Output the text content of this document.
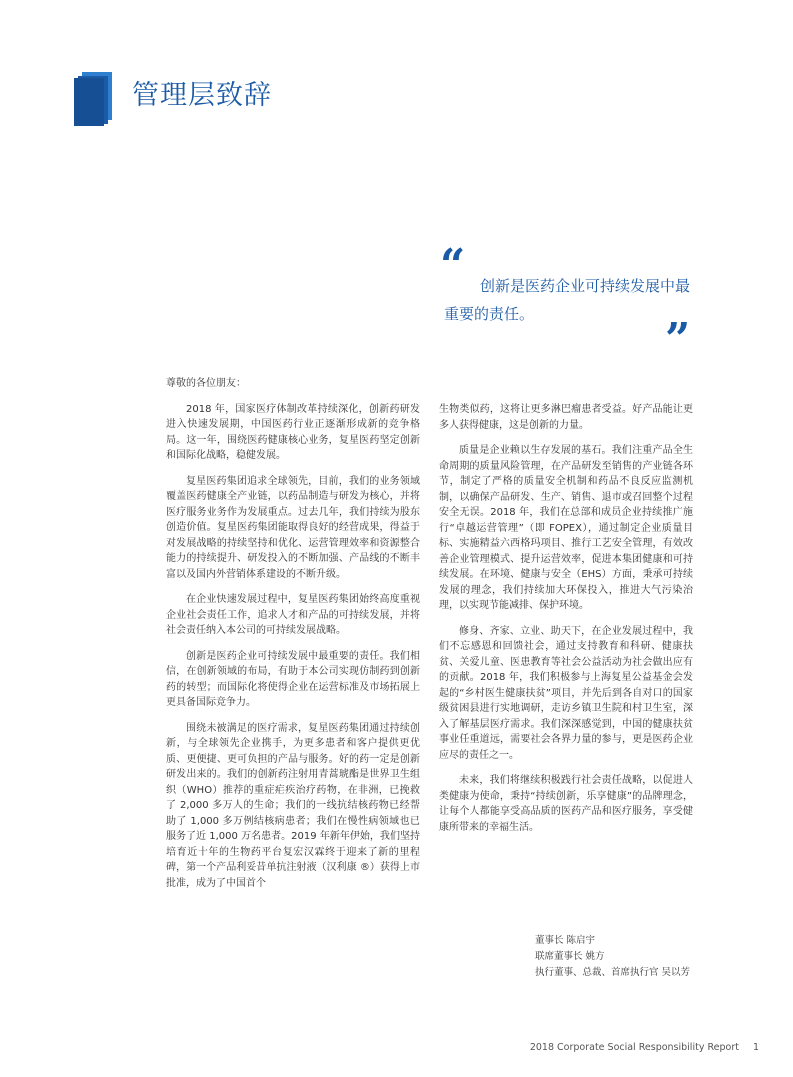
管理层致辞
“ 创新是医药企业可持续发展中最重要的责任。	”

尊敬的各位朋友：

2018 年，国家医疗体制改革持续深化，创新药研发进入快速发展期，中国医药行业正逐渐形成新的竞争格局。这一年，围绕医药健康核心业务，复星医药坚定创新和国际化战略，稳健发展。

复星医药集团追求全球领先，目前，我们的业务领域覆盖医药健康全产业链，以药品制造与研发为核心，并将医疗服务业务作为发展重点。过去几年，我们持续为股东创造价值。复星医药集团能取得良好的经营成果，得益于对发展战略的持续坚持和优化、运营管理效率和资源整合能力的持续提升、研发投入的不断加强、产品线的不断丰富以及国内外营销体系建设的不断升级。

在企业快速发展过程中，复星医药集团始终高度重视企业社会责任工作，追求人才和产品的可持续发展，并将社会责任纳入本公司的可持续发展战略。

创新是医药企业可持续发展中最重要的责任。我们相信，在创新领域的布局，有助于本公司实现仿制药到创新药的转型；而国际化将使得企业在运营标准及市场拓展上更具备国际竞争力。

围绕未被满足的医疗需求，复星医药集团通过持续创新，与全球领先企业携手，为更多患者和客户提供更优质、更便捷、更可负担的产品与服务。好的药一定是创新研发出来的。我们的创新药注射用青蒿琥酯是世界卫生组织（WHO）推荐的重症疟疾治疗药物，在非洲，已挽救了 2,000 多万人的生命；我们的一线抗结核药物已经帮助了 1,000 多万例结核病患者；我们在慢性病领域也已服务了近 1,000 万名患者。2019 年新年伊始，我们坚持培育近十年的生物药平台复宏汉霖终于迎来了新的里程碑，第一个产品利妥昔单抗注射液（汉利康 ®）获得上市批准，成为了中国首个

生物类似药，这将让更多淋巴瘤患者受益。好产品能让更多人获得健康，这是创新的力量。

质量是企业赖以生存发展的基石。我们注重产品全生命周期的质量风险管理，在产品研发至销售的产业链各环节，制定了严格的质量安全机制和药品不良反应监测机制，以确保产品研发、生产、销售、退市或召回整个过程安全无误。2018 年，我们在总部和成员企业持续推广施行“卓越运营管理”（即 FOPEX），通过制定企业质量目标、实施精益六西格玛项目、推行工艺安全管理，有效改善企业管理模式、提升运营效率，促进本集团健康和可持续发展。在环境、健康与安全（EHS）方面，秉承可持续发展的理念，我们持续加大环保投入，推进大气污染治理，以实现节能减排、保护环境。

修身、齐家、立业、助天下，在企业发展过程中，我们不忘感恩和回馈社会，通过支持教育和科研、健康扶贫、关爱儿童、医患教育等社会公益活动为社会做出应有的贡献。2018 年，我们积极参与上海复星公益基金会发起的“乡村医生健康扶贫”项目，并先后到各自对口的国家级贫困县进行实地调研，走访乡镇卫生院和村卫生室，深入了解基层医疗需求。我们深深感觉到，中国的健康扶贫事业任重道远，需要社会各界力量的参与，更是医药企业应尽的责任之一。

未来，我们将继续积极践行社会责任战略，以促进人类健康为使命，秉持“持续创新，乐享健康”的品牌理念，让每个人都能享受高品质的医药产品和医疗服务，享受健康所带来的幸福生活。

董事长 陈启宇
联席董事长 姚方
执行董事、总裁、首席执行官 吴以芳
2018 Corporate Social Responsibility Report 1
